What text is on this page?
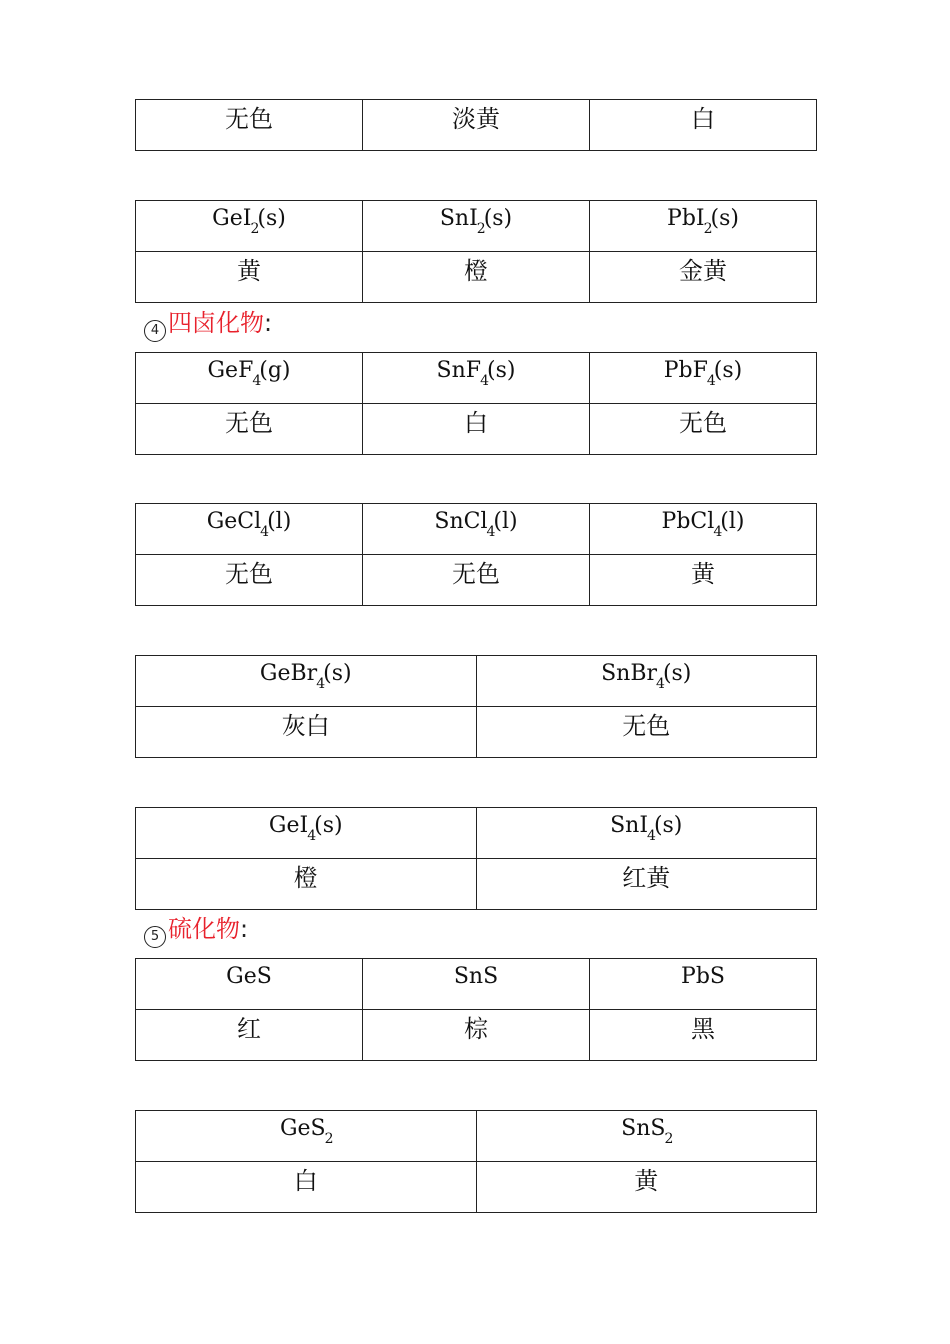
无色	淡黄	白
GeI$_2$(s)	SnI$_2$(s)	PbI$_2$(s)
黄	橙	金黄
4 四卤化物:
GeF$_4$(g)	SnF$_4$(s)	PbF$_4$(s)
无色	白	无色
GeCl$_4$(l)	SnCl$_4$(l)	PbCl$_4$(l)
无色	无色	黄
GeBr$_4$(s)	SnBr$_4$(s)
灰白	无色
GeI$_4$(s)	SnI$_4$(s)
橙	红黄
5 硫化物:
GeS	SnS	PbS
红	棕	黑
GeS$_2$	SnS$_2$
白	黄
